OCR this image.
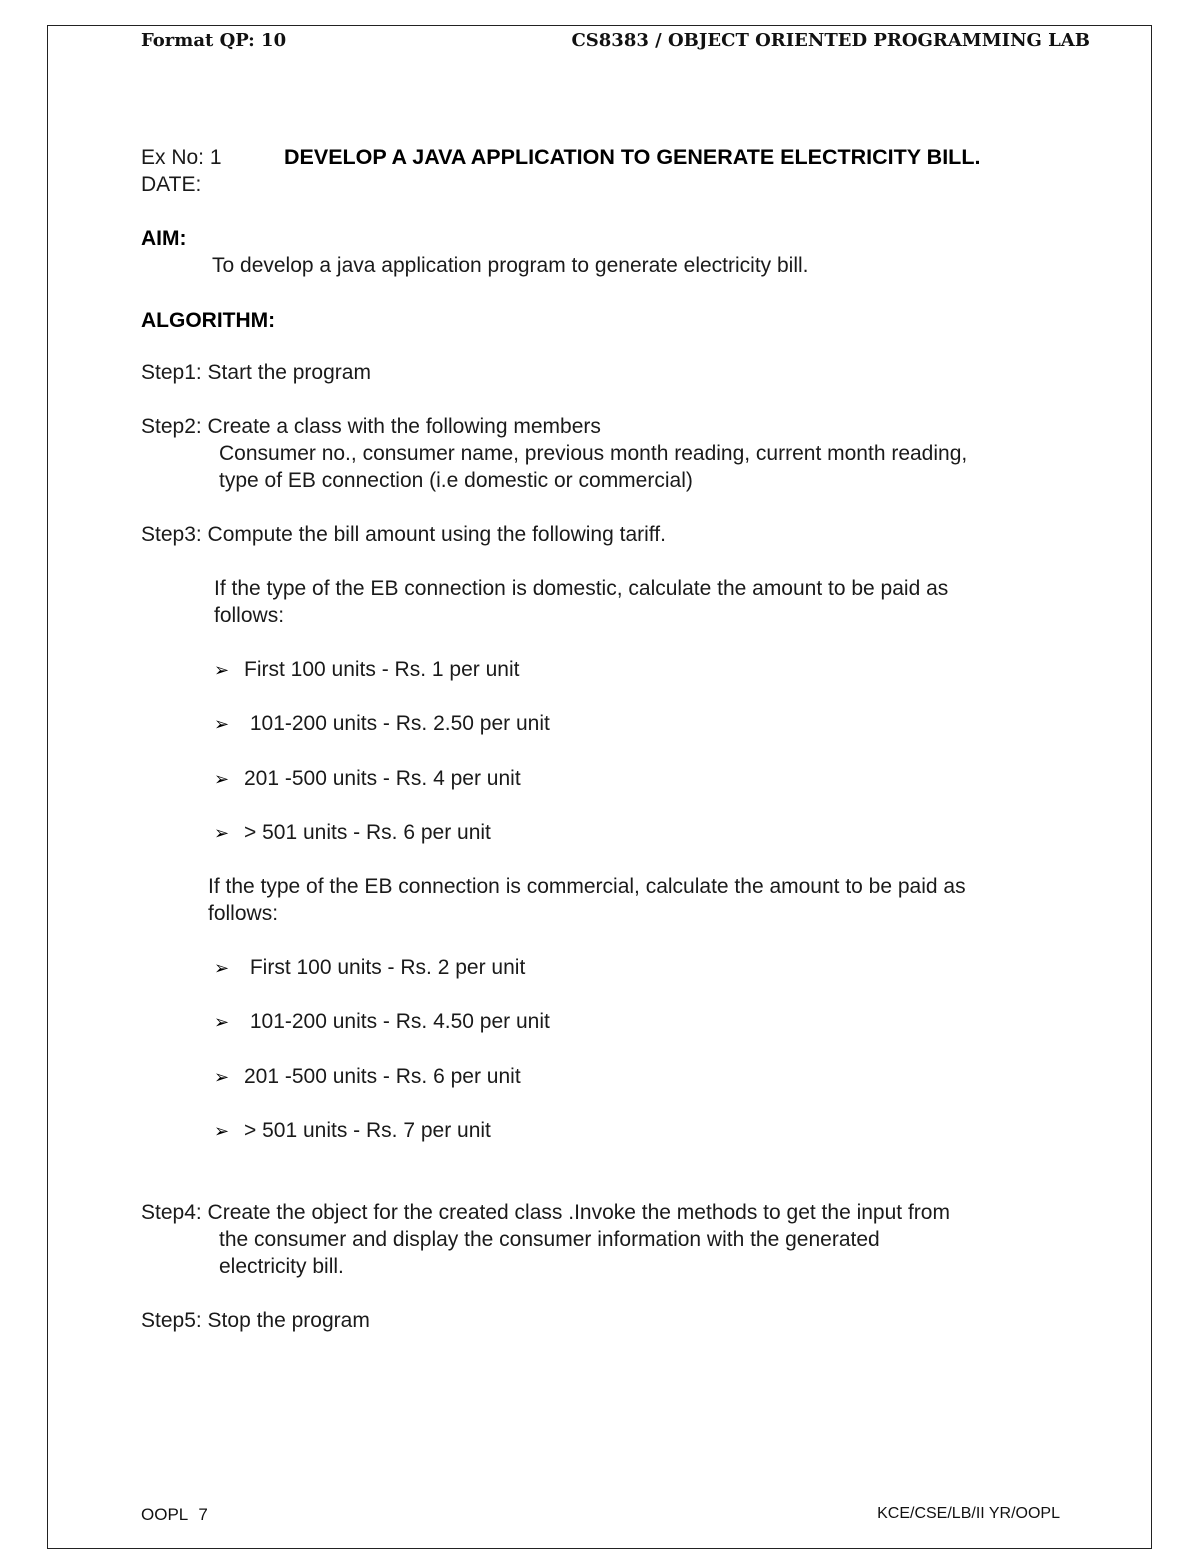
Format QP: 10	CS8383 / OBJECT ORIENTED PROGRAMMING LAB
Ex No: 1	DEVELOP A JAVA APPLICATION TO GENERATE ELECTRICITY BILL.
DATE:
AIM:
To develop a java application program to generate electricity bill.
ALGORITHM:
Step1: Start the program
Step2: Create a class with the following members
Consumer no., consumer name, previous month reading, current month reading,
type of EB connection (i.e domestic or commercial)
Step3: Compute the bill amount using the following tariff.
If the type of the EB connection is domestic, calculate the amount to be paid as
follows:
➢ First 100 units - Rs. 1 per unit
➢ 101-200 units - Rs. 2.50 per unit
➢ 201 -500 units - Rs. 4 per unit
➢ > 501 units - Rs. 6 per unit
If the type of the EB connection is commercial, calculate the amount to be paid as
follows:
➢ First 100 units - Rs. 2 per unit
➢ 101-200 units - Rs. 4.50 per unit
➢ 201 -500 units - Rs. 6 per unit
➢ > 501 units - Rs. 7 per unit
Step4: Create the object for the created class .Invoke the methods to get the input from
the consumer and display the consumer information with the generated
electricity bill.
Step5: Stop the program
OOPL 7	KCE/CSE/LB/II YR/OOPL
